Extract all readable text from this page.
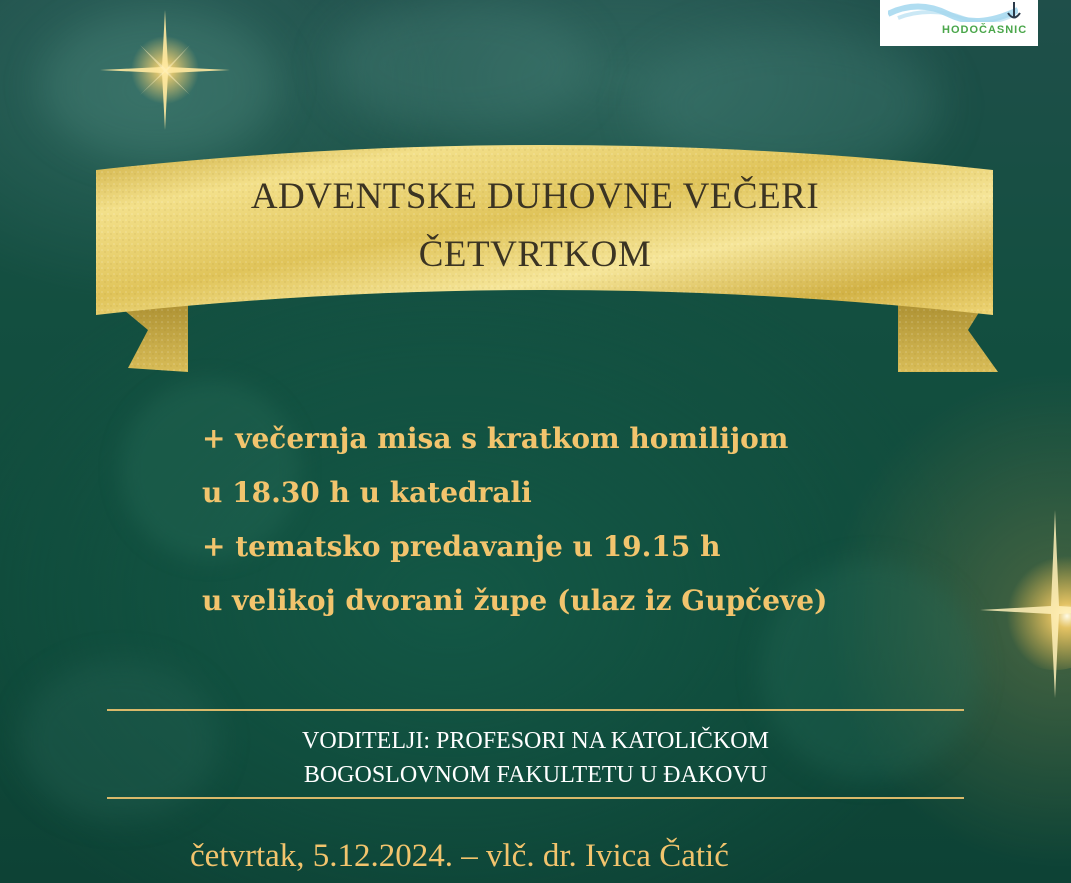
HODOČASNIC
ADVENTSKE DUHOVNE VEČERI
ČETVRTKOM
+ večernja misa s kratkom homilijom
u 18.30 h u katedrali
+ tematsko predavanje u 19.15 h
u velikoj dvorani župe (ulaz iz Gupčeve)
VODITELJI: PROFESORI NA KATOLIČKOM
BOGOSLOVNOM FAKULTETU U ĐAKOVU
četvrtak, 5.12.2024. – vlč. dr. Ivica Čatić
